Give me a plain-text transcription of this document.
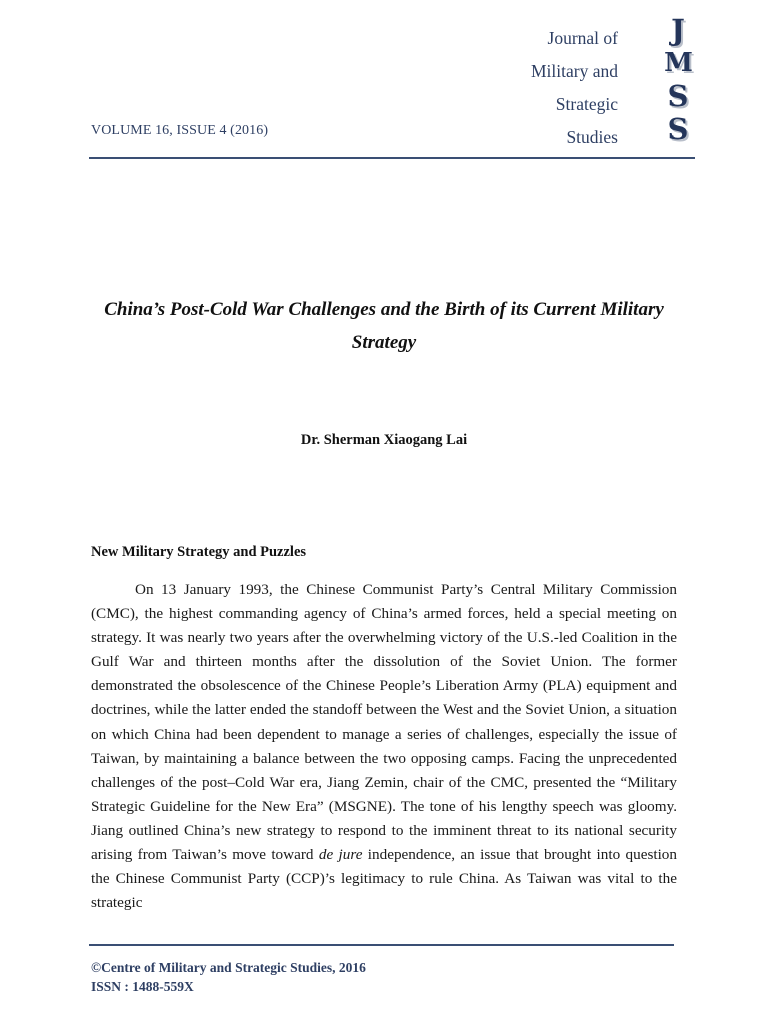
Journal of
Military and
Strategic
Studies
J
M
S
S
VOLUME 16, ISSUE 4 (2016)
China’s Post-Cold War Challenges and the Birth of its Current Military Strategy
Dr. Sherman Xiaogang Lai
New Military Strategy and Puzzles

On 13 January 1993, the Chinese Communist Party’s Central Military Commission (CMC), the highest commanding agency of China’s armed forces, held a special meeting on strategy. It was nearly two years after the overwhelming victory of the U.S.-led Coalition in the Gulf War and thirteen months after the dissolution of the Soviet Union. The former demonstrated the obsolescence of the Chinese People’s Liberation Army (PLA) equipment and doctrines, while the latter ended the standoff between the West and the Soviet Union, a situation on which China had been dependent to manage a series of challenges, especially the issue of Taiwan, by maintaining a balance between the two opposing camps. Facing the unprecedented challenges of the post–Cold War era, Jiang Zemin, chair of the CMC, presented the “Military Strategic Guideline for the New Era” (MSGNE). The tone of his lengthy speech was gloomy. Jiang outlined China’s new strategy to respond to the imminent threat to its national security arising from Taiwan’s move toward de jure independence, an issue that brought into question the Chinese Communist Party (CCP)’s legitimacy to rule China. As Taiwan was vital to the strategic

©Centre of Military and Strategic Studies, 2016
ISSN : 1488-559X
